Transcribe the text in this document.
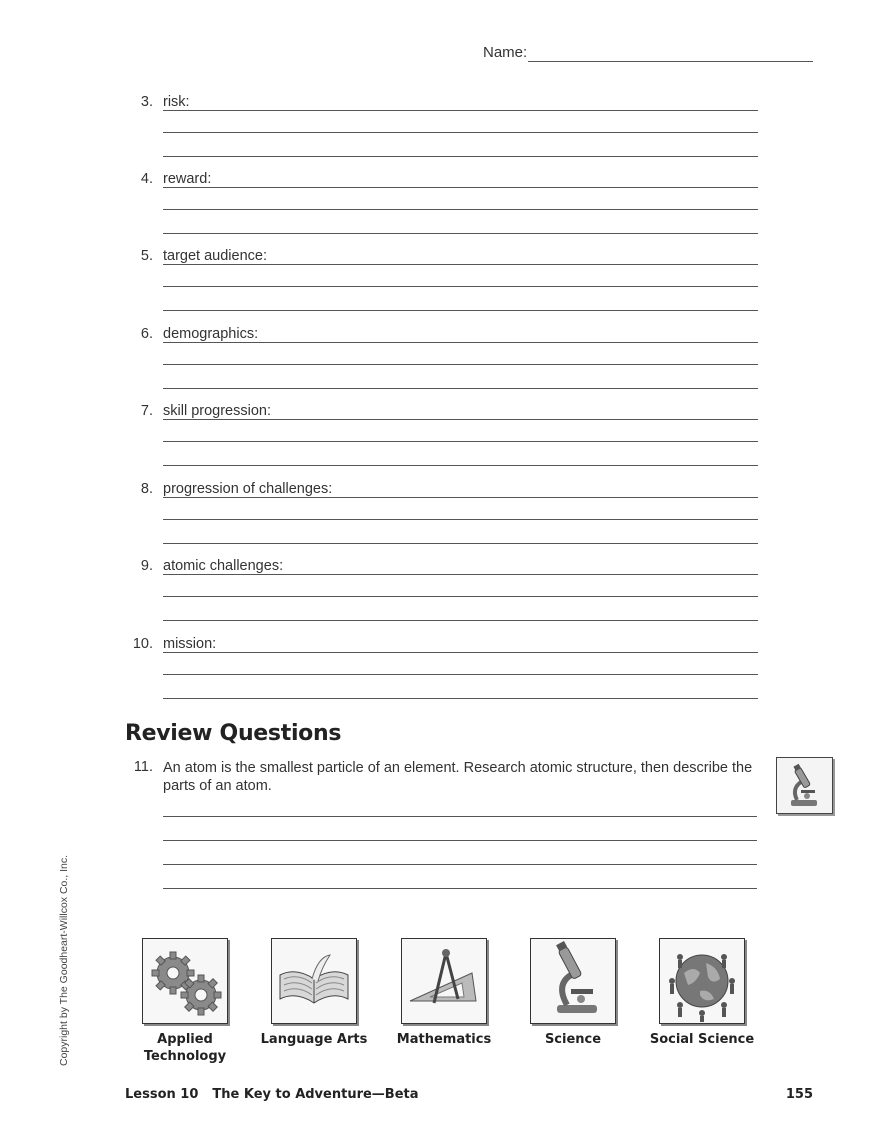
Name:
3. risk:
4. reward:
5. target audience:
6. demographics:
7. skill progression:
8. progression of challenges:
9. atomic challenges:
10. mission:
Review Questions
11. An atom is the smallest particle of an element. Research atomic structure, then describe the parts of an atom.
Applied Technology
Language Arts	Mathematics	Science	Social Science
Copyright by The Goodheart-Willcox Co., Inc.
Lesson 10 The Key to Adventure—Beta	155
